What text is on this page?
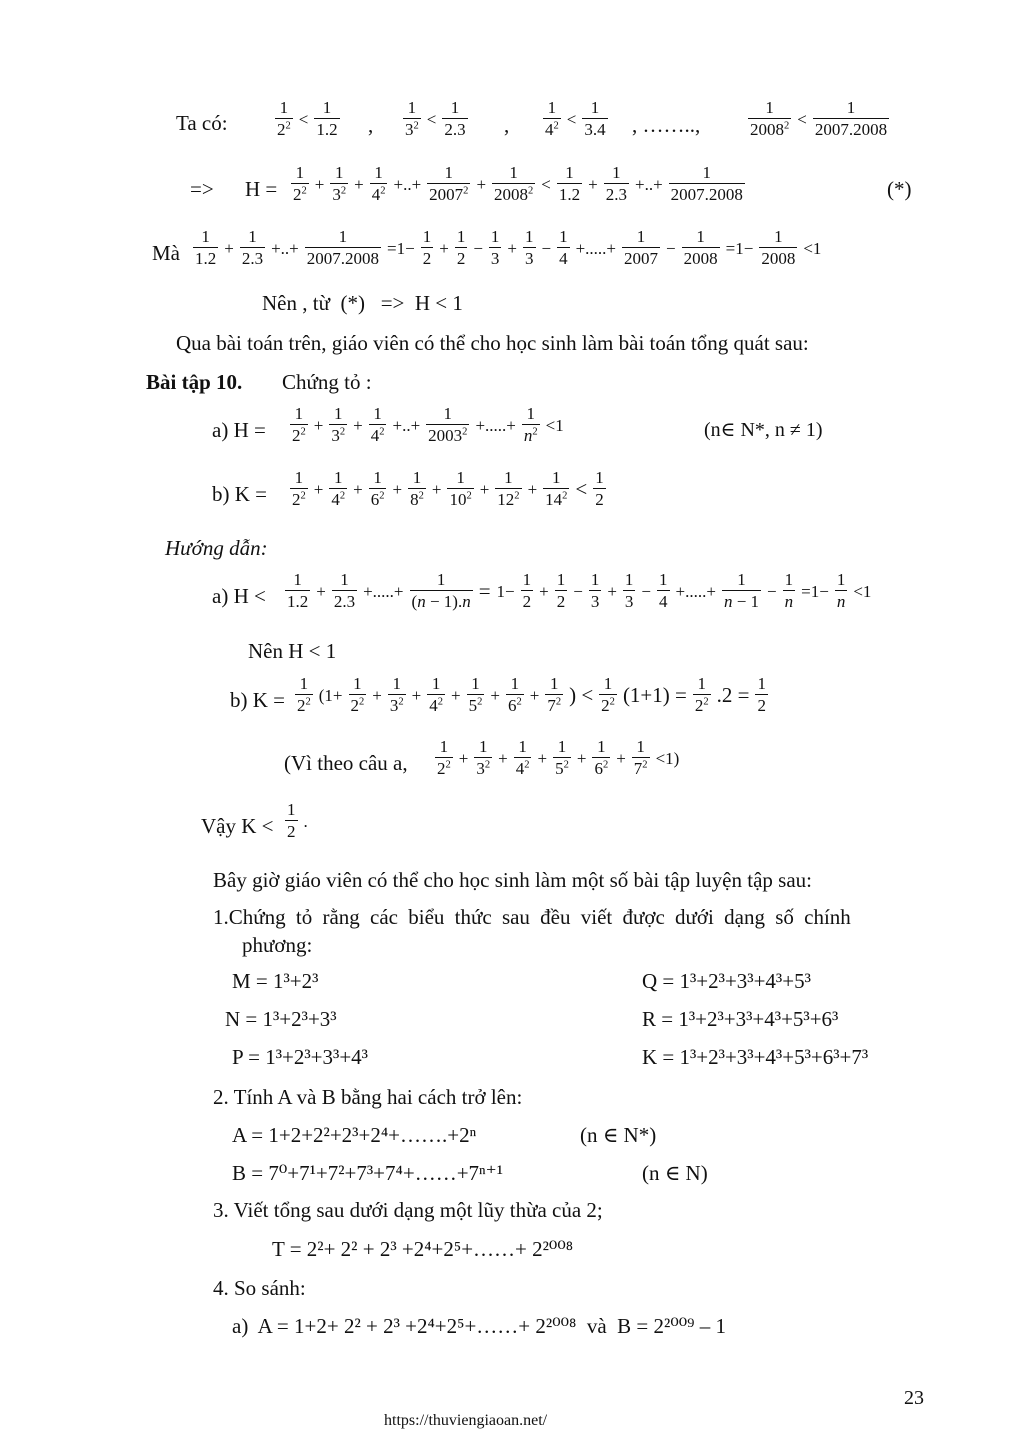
Ta có:
1
$2^2$ <
1
1.2 ,
1
$3^2$ <
1
2.3 ,
1
$4^2$ <
1
3.4 , ……..,
1
$2008^2$ <
1
2007.2008
=> H =
1
$2^2 + \frac{1}{3^2} + \frac{1}{4^2}$ +..+ $\frac{1}{2007^2} + \frac{1}{2008^2}$ <
1
1.2
+ $\frac{1}{2.3}$ +..+ $\frac{1}{2007.2008}$	(*)
Mà
1
1.2
+ $\frac{1}{2.3}$ +..+ $\frac{1}{2007.2008} =1- \frac{1}{2} + \frac{1}{2} - \frac{1}{3} + \frac{1}{3} - \frac{1}{4}$ +.....+ $\frac{1}{2007} - \frac{1}{2008} =1- \frac{1}{2008} <1$
Nên , từ  (*)   =>  H < 1
Qua bài toán trên, giáo viên có thể cho học sinh làm bài toán tổng quát sau:
Bài tập 10. Chứng tỏ :
a) H =
1
$2^2 + \frac{1}{3^2} + \frac{1}{4^2}$ +..+ $\frac{1}{2003^2}$ +.....+ $\frac{1}{n^2} <1$	(n∈ N*, n ≠ 1)
b) K =
1
$2^2 + \frac{1}{4^2} + \frac{1}{6^2} + \frac{1}{8^2} + \frac{1}{10^2} + \frac{1}{12^2} + \frac{1}{14^2} < 1$
2
Hướng dẫn:
a) H <
1
1.2
+ $\frac{1}{2.3}$ +.....+ $\frac{1}{(n - 1).n} = 1- \frac{1}{2} + \frac{1}{2} - \frac{1}{3} + \frac{1}{3} - \frac{1}{4}$ +.....+ $\frac{1}{n - 1} - \frac{1}{n} =1- \frac{1}{n} <1$
Nên H < 1
b) K =
1
$2^2$ ($1+ \frac{1}{2^2} + \frac{1}{3^2} + \frac{1}{4^2} + \frac{1}{5^2} + \frac{1}{6^2} + \frac{1}{7^2}$ ) < 1
$2^2$ $(1+1) = \frac{1}{2^2} .2 = \frac{1}{2}$
(Vì theo câu a,
1
$2^2 + \frac{1}{3^2} + \frac{1}{4^2} + \frac{1}{5^2} + \frac{1}{6^2} + \frac{1}{7^2} <1$)
Vậy K <
1
2
.
Bây giờ giáo viên có thể cho học sinh làm một số bài tập luyện tập sau:
1.Chứng tỏ rằng các biểu thức sau đều viết được dưới dạng số chính
phương:
M = 1³+2³	Q = 1³+2³+3³+4³+5³
N = 1³+2³+3³	R = 1³+2³+3³+4³+5³+6³
P = 1³+2³+3³+4³	K = 1³+2³+3³+4³+5³+6³+7³
2. Tính A và B bằng hai cách trở lên:
A = 1+2+2²+2³+2⁴+…….+2ⁿ	(n ∈ N*)
B = 7⁰+7¹+7²+7³+7⁴+……+7ⁿ⁺¹	(n ∈ N)
3. Viết tổng sau dưới dạng một lũy thừa của 2;
T = 2²+ 2² + 2³ +2⁴+2⁵+……+ 2²⁰⁰⁸
4. So sánh:
a)  A = 1+2+ 2² + 2³ +2⁴+2⁵+……+ 2²⁰⁰⁸  và  B = 2²⁰⁰⁹ – 1
23
https://thuviengiaoan.net/
